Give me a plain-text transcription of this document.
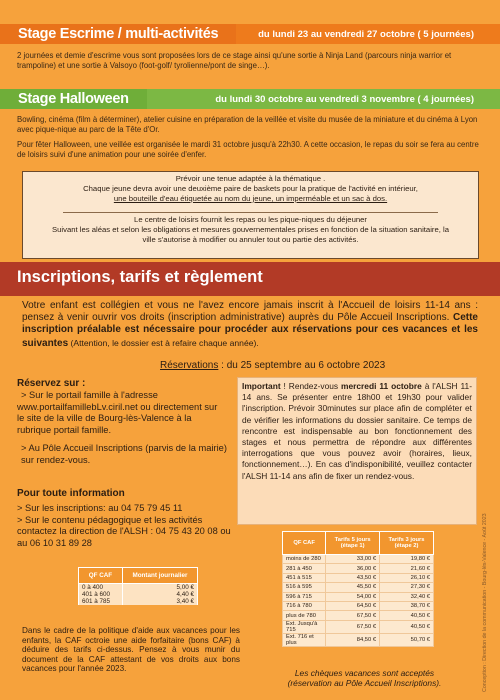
Stage Escrime / multi-activités	du lundi 23 au vendredi 27 octobre ( 5 journées)
2 journées et demie d'escrime vous sont proposées lors de ce stage ainsi qu'une sortie à Ninja Land (parcours ninja warrior et trampoline) et une sortie à Valsoyo (foot-golf/ tyrolienne/pont de singe…).
Stage Halloween	du lundi 30 octobre au vendredi 3 novembre ( 4 journées)
Bowling, cinéma (film à déterminer), atelier cuisine en préparation de la veillée et visite du musée de la miniature et du cinéma à Lyon avec pique-nique au parc de la Tête d'Or.
Pour fêter Halloween, une veillée est organisée le mardi 31 octobre jusqu'à 22h30. A cette occasion, le repas du soir se fera au centre de loisirs suivi d'une animation pour une soirée d'enfer.
Prévoir une tenue adaptée à la thématique .
Chaque jeune devra avoir une deuxième paire de baskets pour la pratique de l'activité en intérieur,
une bouteille d'eau étiquetée au nom du jeune, un imperméable et un sac à dos.
Le centre de loisirs fournit les repas ou les pique-niques du déjeuner
Suivant les aléas et selon les obligations et mesures gouvernementales prises en fonction de la situation sanitaire, la
ville s'autorise à modifier ou annuler tout ou partie des activités.
Inscriptions, tarifs et règlement
Votre enfant est collégien et vous ne l'avez encore jamais inscrit à l'Accueil de loisirs 11-14 ans : pensez à venir ouvrir vos droits (inscription administrative) auprès du Pôle Accueil Inscriptions. Cette inscription préalable est nécessaire pour procéder aux réservations pour ces vacances et les suivantes (Attention, le dossier est à refaire chaque année).
Réservations : du 25 septembre au 6 octobre 2023
Réservez sur :
> Sur le portail famille à l'adresse
www.portailfamillebLv.ciril.net ou directement sur le site de la ville de Bourg-lès-Valence à la rubrique portail famille.
> Au Pôle Accueil Inscriptions (parvis de la mairie) sur rendez-vous.
Important ! Rendez-vous mercredi 11 octobre à l'ALSH 11-14 ans. Se présenter entre 18h00 et 19h30 pour valider l'inscription. Prévoir 30minutes sur place afin de compléter et de vérifier les informations du dossier sanitaire. Ce temps de rencontre est indispensable au bon fonctionnement des stages et nous permettra de répondre aux différentes interrogations que vous pouvez avoir (horaires, lieux, fonctionnement…). En cas d'indisponibilité, veuillez contacter l'ALSH 11-14 ans afin de fixer un rendez-vous.
Pour toute information
> Sur les inscriptions: au 04 75 79 45 11
> Sur le contenu pédagogique et les activités contactez la direction de l'ALSH : 04 75 43 20 08 ou au 06 10 31 89 28
QF CAF	Montant journalier
0 à 400	5,00 €
401 à 600	4,40 €
601 à 785	3,40 €
QF CAF	Tarifs 5 jours (étape 1)	Tarifs 3 jours (étape 2)
moins de 280	33,00 €	19,80 €
281 à 450	36,00 €	21,60 €
451 à 515	43,50 €	26,10 €
516 à 595	45,50 €	27,30 €
596 à 715	54,00 €	32,40 €
716 à 780	64,50 €	38,70 €
plus de 780	67,50 €	40,50 €
Ext. Jusqu'à 715	67,50 €	40,50 €
Ext. 716 et plus	84,50 €	50,70 €
Dans le cadre de la politique d'aide aux vacances pour les enfants, la CAF octroie une aide forfaitaire (bons CAF) à déduire des tarifs ci-dessus. Pensez à vous munir du document de la CAF attestant de vos droits aux bons vacances pour l'année 2023.	Les chèques vacances sont acceptés (réservation au Pôle Accueil Inscriptions).	Conception : Direction de la communication - Bourg-lès-Valence - Août 2023
